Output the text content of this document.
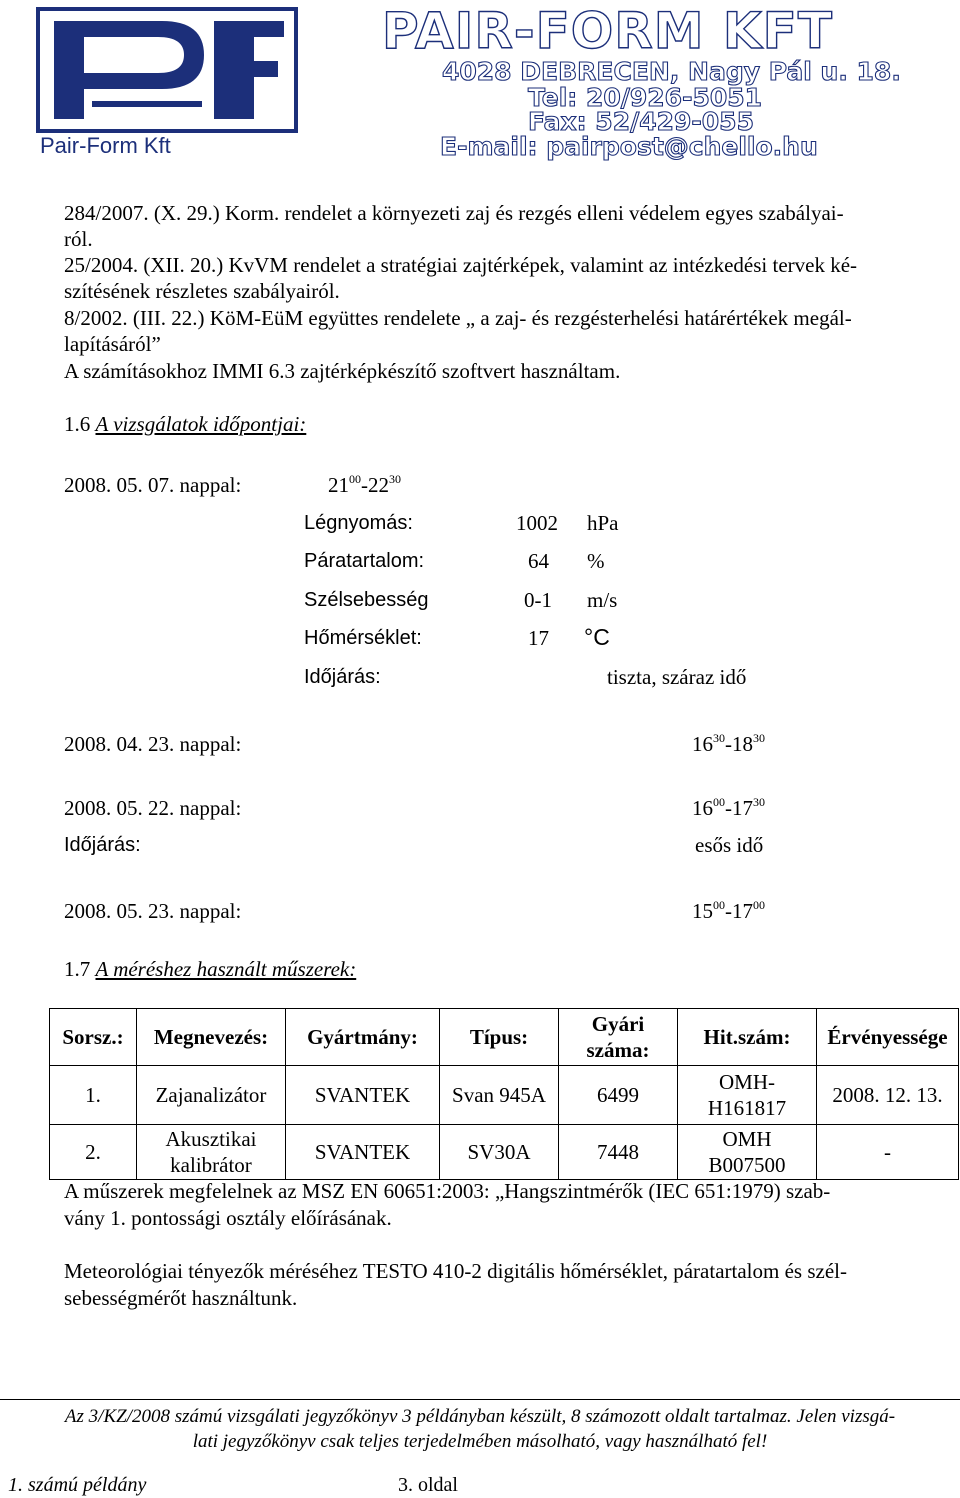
Pair-Form Kft
PAIR-FORM KFT
4028 DEBRECEN, Nagy Pál u. 18.
Tel: 20/926-5051
Fax: 52/429-055
E-mail: pairpost@chello.hu
284/2007. (X. 29.) Korm. rendelet a környezeti zaj és rezgés elleni védelem egyes szabályai-
ról.
25/2004. (XII. 20.) KvVM rendelet a stratégiai zajtérképek, valamint az intézkedési tervek ké-
szítésének részletes szabályairól.
8/2002. (III. 22.) KöM-EüM együttes rendelete „ a zaj- és rezgésterhelési határértékek megál-
lapításáról”
A számításokhoz IMMI 6.3 zajtérképkészítő szoftvert használtam.
1.6 A vizsgálatok időpontjai:
2008. 05. 07. nappal:	$21^{00}-22^{30}$
Légnyomás:	1002 hPa
Páratartalom:	64 %
Szélsebesség	0-1 m/s
Hőmérséklet:	17 °C
Időjárás:	tiszta, száraz idő
2008. 04. 23. nappal:	$16^{30}-18^{30}$
2008. 05. 22. nappal:	$16^{00}-17^{30}$
Időjárás:	esős idő
2008. 05. 23. nappal:	$15^{00}-17^{00}$
1.7 A méréshez használt műszerek:
Sorsz.:	Megnevezés:	Gyártmány:	Típus:	Gyári száma:	Hit.szám:	Érvényessége
1.	Zajanalizátor	SVANTEK	Svan 945A	6499	OMH-H161817	2008. 12. 13.
2.	Akusztikai kalibrátor	SVANTEK	SV30A	7448	OMH B007500	-
A műszerek megfelelnek az MSZ EN 60651:2003: „Hangszintmérők (IEC 651:1979) szab-
vány 1. pontossági osztály előírásának.
Meteorológiai tényezők méréséhez TESTO 410-2 digitális hőmérséklet, páratartalom és szél-
sebességmérőt használtunk.
Az 3/KZ/2008 számú vizsgálati jegyzőkönyv 3 példányban készült, 8 számozott oldalt tartalmaz. Jelen vizsgá-
lati jegyzőkönyv csak teljes terjedelmében másolható, vagy használható fel!
1. számú példány	3. oldal
